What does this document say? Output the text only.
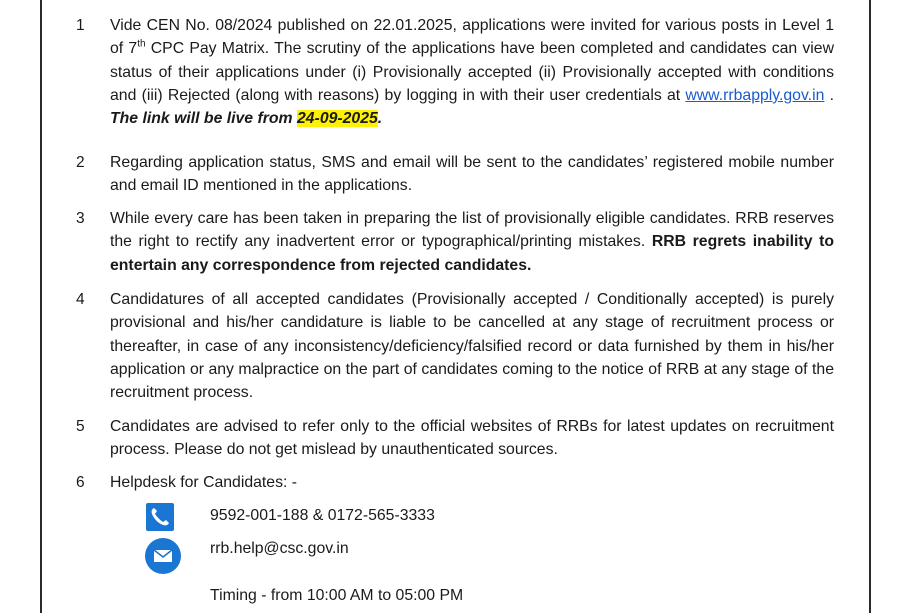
1 Vide CEN No. 08/2024 published on 22.01.2025, applications were invited for various posts in Level 1 of 7th CPC Pay Matrix. The scrutiny of the applications have been completed and candidates can view status of their applications under (i) Provisionally accepted (ii) Provisionally accepted with conditions and (iii) Rejected (along with reasons) by logging in with their user credentials at www.rrbapply.gov.in . The link will be live from 24-09-2025.
2 Regarding application status, SMS and email will be sent to the candidates’ registered mobile number and email ID mentioned in the applications.
3 While every care has been taken in preparing the list of provisionally eligible candidates. RRB reserves the right to rectify any inadvertent error or typographical/printing mistakes. RRB regrets inability to entertain any correspondence from rejected candidates.
4 Candidatures of all accepted candidates (Provisionally accepted / Conditionally accepted) is purely provisional and his/her candidature is liable to be cancelled at any stage of recruitment process or thereafter, in case of any inconsistency/deficiency/falsified record or data furnished by them in his/her application or any malpractice on the part of candidates coming to the notice of RRB at any stage of the recruitment process.
5 Candidates are advised to refer only to the official websites of RRBs for latest updates on recruitment process. Please do not get mislead by unauthenticated sources.
6 Helpdesk for Candidates: -
9592-001-188 & 0172-565-3333
rrb.help@csc.gov.in
Timing - from 10:00 AM to 05:00 PM
